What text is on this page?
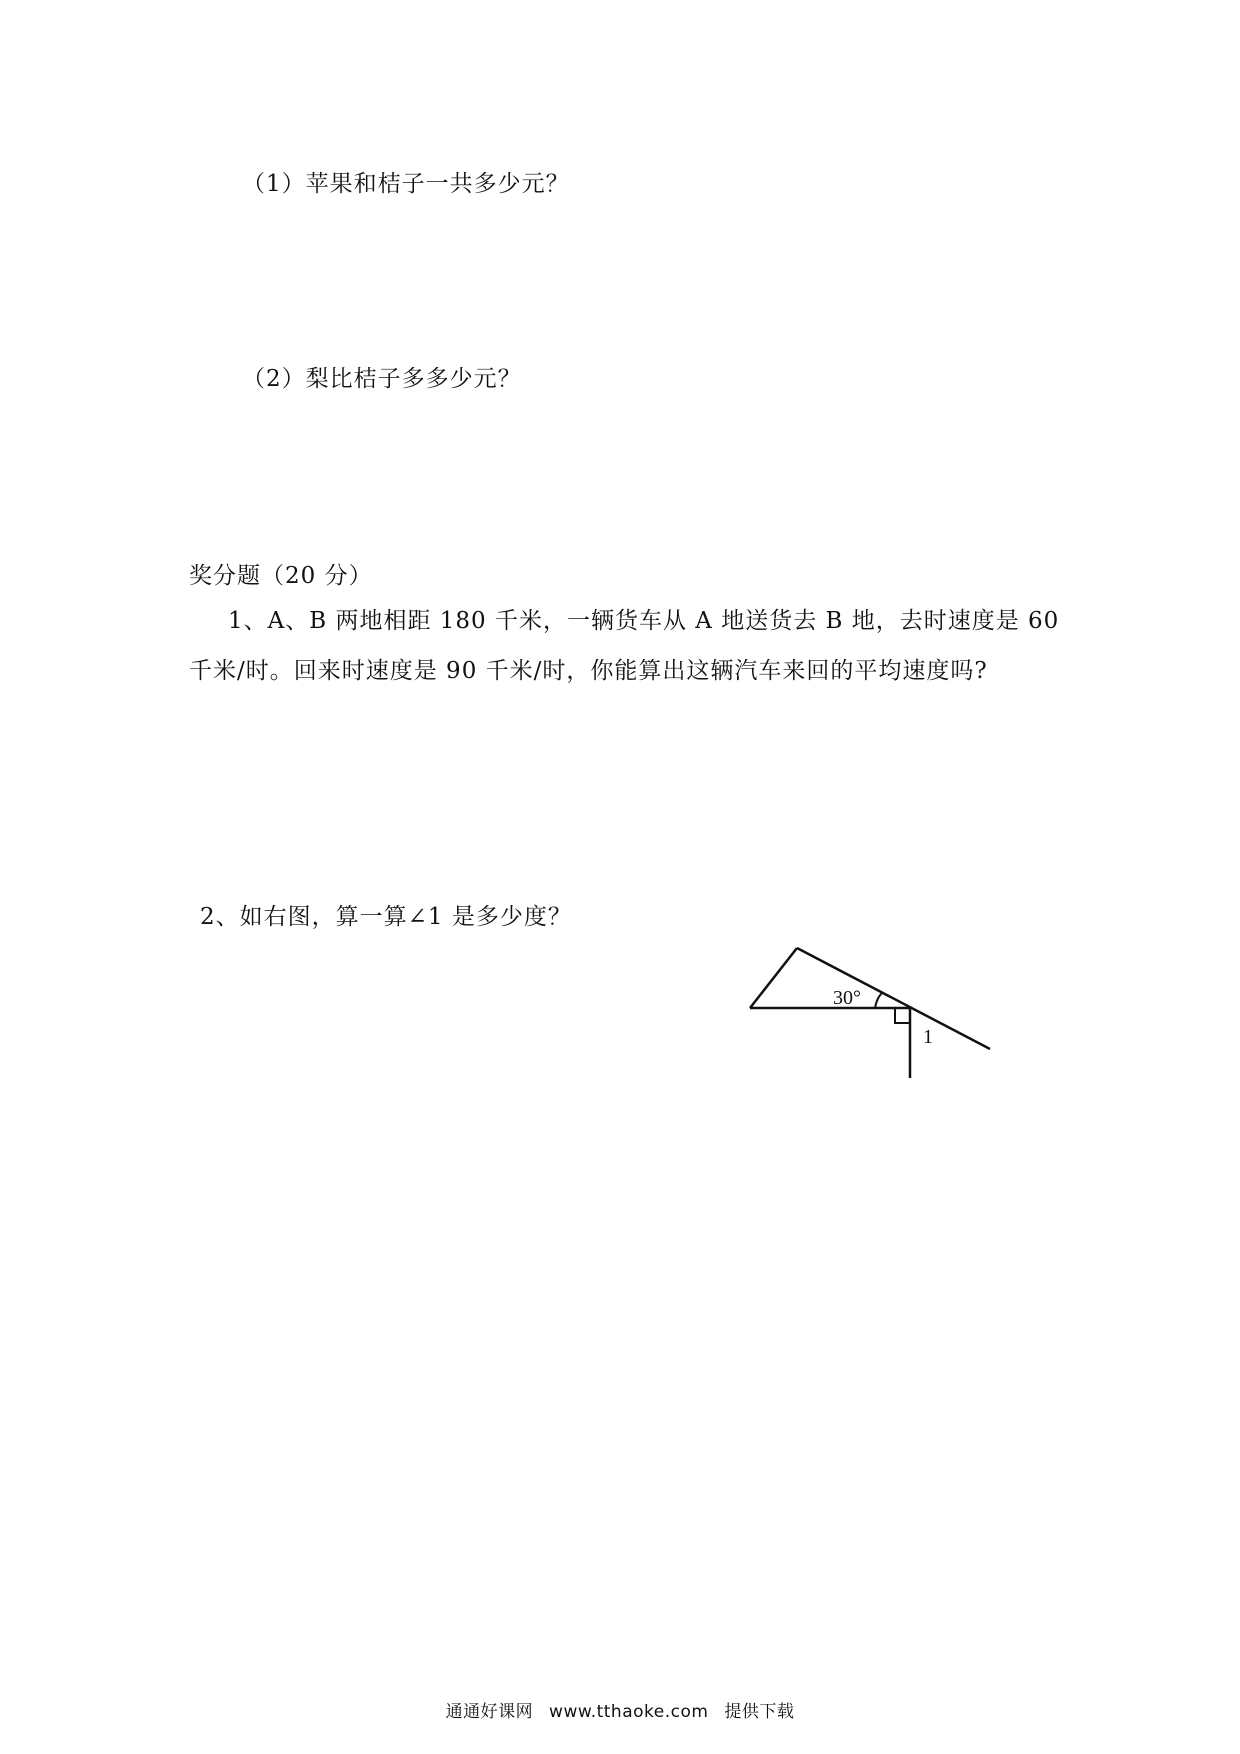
（1）苹果和桔子一共多少元？
（2）梨比桔子多多少元？
奖分题（20 分）
1、A、B 两地相距 180 千米，一辆货车从 A 地送货去 B 地，去时速度是 60
千米/时。回来时速度是 90 千米/时，你能算出这辆汽车来回的平均速度吗?
2、如右图，算一算∠1 是多少度？
30°
1
通通好课网 www.tthaoke.com 提供下载
